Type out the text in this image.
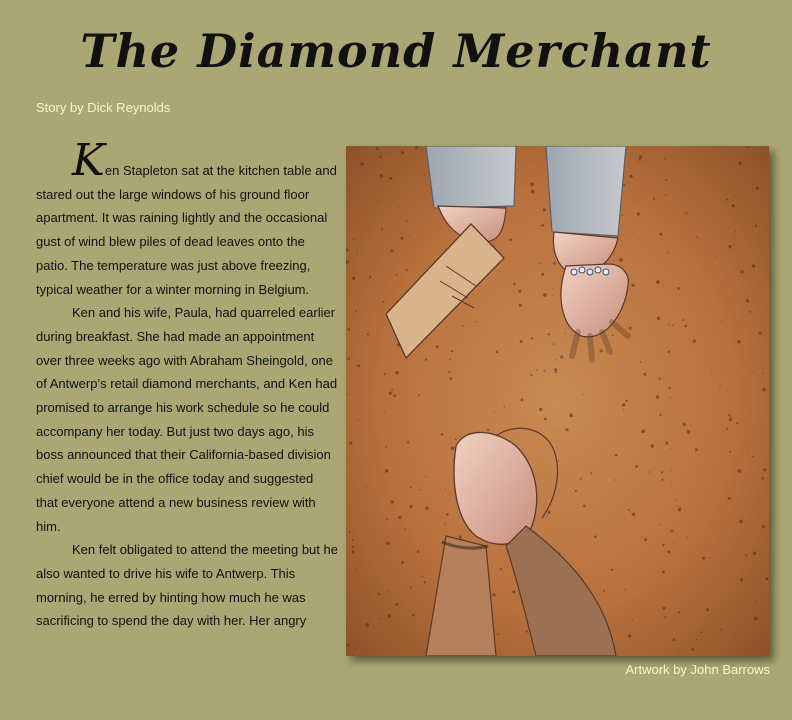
The Diamond Merchant
Story by Dick Reynolds

Ken Stapleton sat at the kitchen table and stared out the large windows of his ground floor apartment. It was raining lightly and the occasional gust of wind blew piles of dead leaves onto the patio. The temperature was just above freezing, typical weather for a winter morning in Belgium.

Ken and his wife, Paula, had quarreled earlier during breakfast. She had made an appointment over three weeks ago with Abraham Sheingold, one of Antwerp’s retail diamond merchants, and Ken had promised to arrange his work schedule so he could accompany her today. But just two days ago, his boss announced that their California-based division chief would be in the office today and suggested that everyone attend a new business review with him.

Ken felt obligated to attend the meeting but he also wanted to drive his wife to Antwerp. This morning, he erred by hinting how much he was sacrificing to spend the day with her. Her angry

Artwork by John Barrows
